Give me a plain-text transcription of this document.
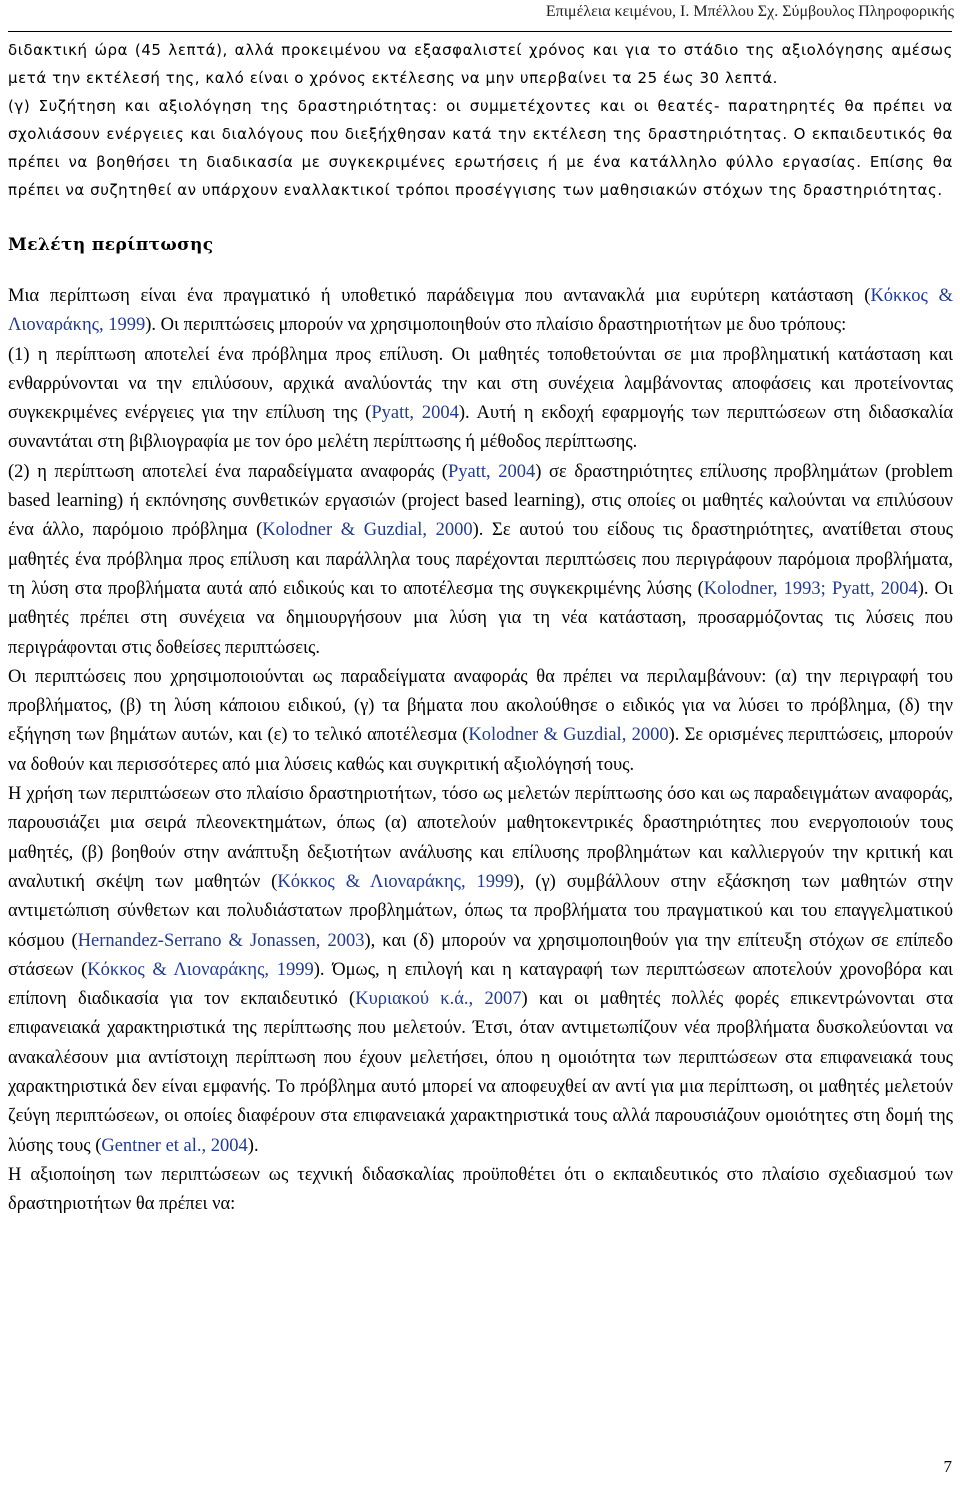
Επιμέλεια κειμένου, Ι. Μπέλλου Σχ. Σύμβουλος Πληροφορικής

διδακτική ώρα (45 λεπτά), αλλά προκειμένου να εξασφαλιστεί χρόνος και για το στάδιο της αξιολόγησης αμέσως μετά την εκτέλεσή της, καλό είναι ο χρόνος εκτέλεσης να μην υπερβαίνει τα 25 έως 30 λεπτά.

(γ) Συζήτηση και αξιολόγηση της δραστηριότητας: οι συμμετέχοντες και οι θεατές- παρατηρητές θα πρέπει να σχολιάσουν ενέργειες και διαλόγους που διεξήχθησαν κατά την εκτέλεση της δραστηριότητας. Ο εκπαιδευτικός θα πρέπει να βοηθήσει τη διαδικασία με συγκεκριμένες ερωτήσεις ή με ένα κατάλληλο φύλλο εργασίας. Επίσης θα πρέπει να συζητηθεί αν υπάρχουν εναλλακτικοί τρόποι προσέγγισης των μαθησιακών στόχων της δραστηριότητας.

Μελέτη περίπτωσης

Μια περίπτωση είναι ένα πραγματικό ή υποθετικό παράδειγμα που αντανακλά μια ευρύτερη κατάσταση (Κόκκος & Λιοναράκης, 1999). Οι περιπτώσεις μπορούν να χρησιμοποιηθούν στο πλαίσιο δραστηριοτήτων με δυο τρόπους:

(1) η περίπτωση αποτελεί ένα πρόβλημα προς επίλυση. Οι μαθητές τοποθετούνται σε μια προβληματική κατάσταση και ενθαρρύνονται να την επιλύσουν, αρχικά αναλύοντάς την και στη συνέχεια λαμβάνοντας αποφάσεις και προτείνοντας συγκεκριμένες ενέργειες για την επίλυση της (Pyatt, 2004). Αυτή η εκδοχή εφαρμογής των περιπτώσεων στη διδασκαλία συναντάται στη βιβλιογραφία με τον όρο μελέτη περίπτωσης ή μέθοδος περίπτωσης.

(2) η περίπτωση αποτελεί ένα παραδείγματα αναφοράς (Pyatt, 2004) σε δραστηριότητες επίλυσης προβλημάτων (problem based learning) ή εκπόνησης συνθετικών εργασιών (project based learning), στις οποίες οι μαθητές καλούνται να επιλύσουν ένα άλλο, παρόμοιο πρόβλημα (Kolodner & Guzdial, 2000). Σε αυτού του είδους τις δραστηριότητες, ανατίθεται στους μαθητές ένα πρόβλημα προς επίλυση και παράλληλα τους παρέχονται περιπτώσεις που περιγράφουν παρόμοια προβλήματα, τη λύση στα προβλήματα αυτά από ειδικούς και το αποτέλεσμα της συγκεκριμένης λύσης (Kolodner, 1993; Pyatt, 2004). Οι μαθητές πρέπει στη συνέχεια να δημιουργήσουν μια λύση για τη νέα κατάσταση, προσαρμόζοντας τις λύσεις που περιγράφονται στις δοθείσες περιπτώσεις.

Οι περιπτώσεις που χρησιμοποιούνται ως παραδείγματα αναφοράς θα πρέπει να περιλαμβάνουν: (α) την περιγραφή του προβλήματος, (β) τη λύση κάποιου ειδικού, (γ) τα βήματα που ακολούθησε ο ειδικός για να λύσει το πρόβλημα, (δ) την εξήγηση των βημάτων αυτών, και (ε) το τελικό αποτέλεσμα (Kolodner & Guzdial, 2000). Σε ορισμένες περιπτώσεις, μπορούν να δοθούν και περισσότερες από μια λύσεις καθώς και συγκριτική αξιολόγησή τους.

Η χρήση των περιπτώσεων στο πλαίσιο δραστηριοτήτων, τόσο ως μελετών περίπτωσης όσο και ως παραδειγμάτων αναφοράς, παρουσιάζει μια σειρά πλεονεκτημάτων, όπως (α) αποτελούν μαθητοκεντρικές δραστηριότητες που ενεργοποιούν τους μαθητές, (β) βοηθούν στην ανάπτυξη δεξιοτήτων ανάλυσης και επίλυσης προβλημάτων και καλλιεργούν την κριτική και αναλυτική σκέψη των μαθητών (Κόκκος & Λιοναράκης, 1999), (γ) συμβάλλουν στην εξάσκηση των μαθητών στην αντιμετώπιση σύνθετων και πολυδιάστατων προβλημάτων, όπως τα προβλήματα του πραγματικού και του επαγγελματικού κόσμου (Hernandez-Serrano & Jonassen, 2003), και (δ) μπορούν να χρησιμοποιηθούν για την επίτευξη στόχων σε επίπεδο στάσεων (Κόκκος & Λιοναράκης, 1999). Όμως, η επιλογή και η καταγραφή των περιπτώσεων αποτελούν χρονοβόρα και επίπονη διαδικασία για τον εκπαιδευτικό (Κυριακού κ.ά., 2007) και οι μαθητές πολλές φορές επικεντρώνονται στα επιφανειακά χαρακτηριστικά της περίπτωσης που μελετούν. Έτσι, όταν αντιμετωπίζουν νέα προβλήματα δυσκολεύονται να ανακαλέσουν μια αντίστοιχη περίπτωση που έχουν μελετήσει, όπου η ομοιότητα των περιπτώσεων στα επιφανειακά τους χαρακτηριστικά δεν είναι εμφανής. Το πρόβλημα αυτό μπορεί να αποφευχθεί αν αντί για μια περίπτωση, οι μαθητές μελετούν ζεύγη περιπτώσεων, οι οποίες διαφέρουν στα επιφανειακά χαρακτηριστικά τους αλλά παρουσιάζουν ομοιότητες στη δομή της λύσης τους (Gentner et al., 2004).

Η αξιοποίηση των περιπτώσεων ως τεχνική διδασκαλίας προϋποθέτει ότι ο εκπαιδευτικός στο πλαίσιο σχεδιασμού των δραστηριοτήτων θα πρέπει να:

7
